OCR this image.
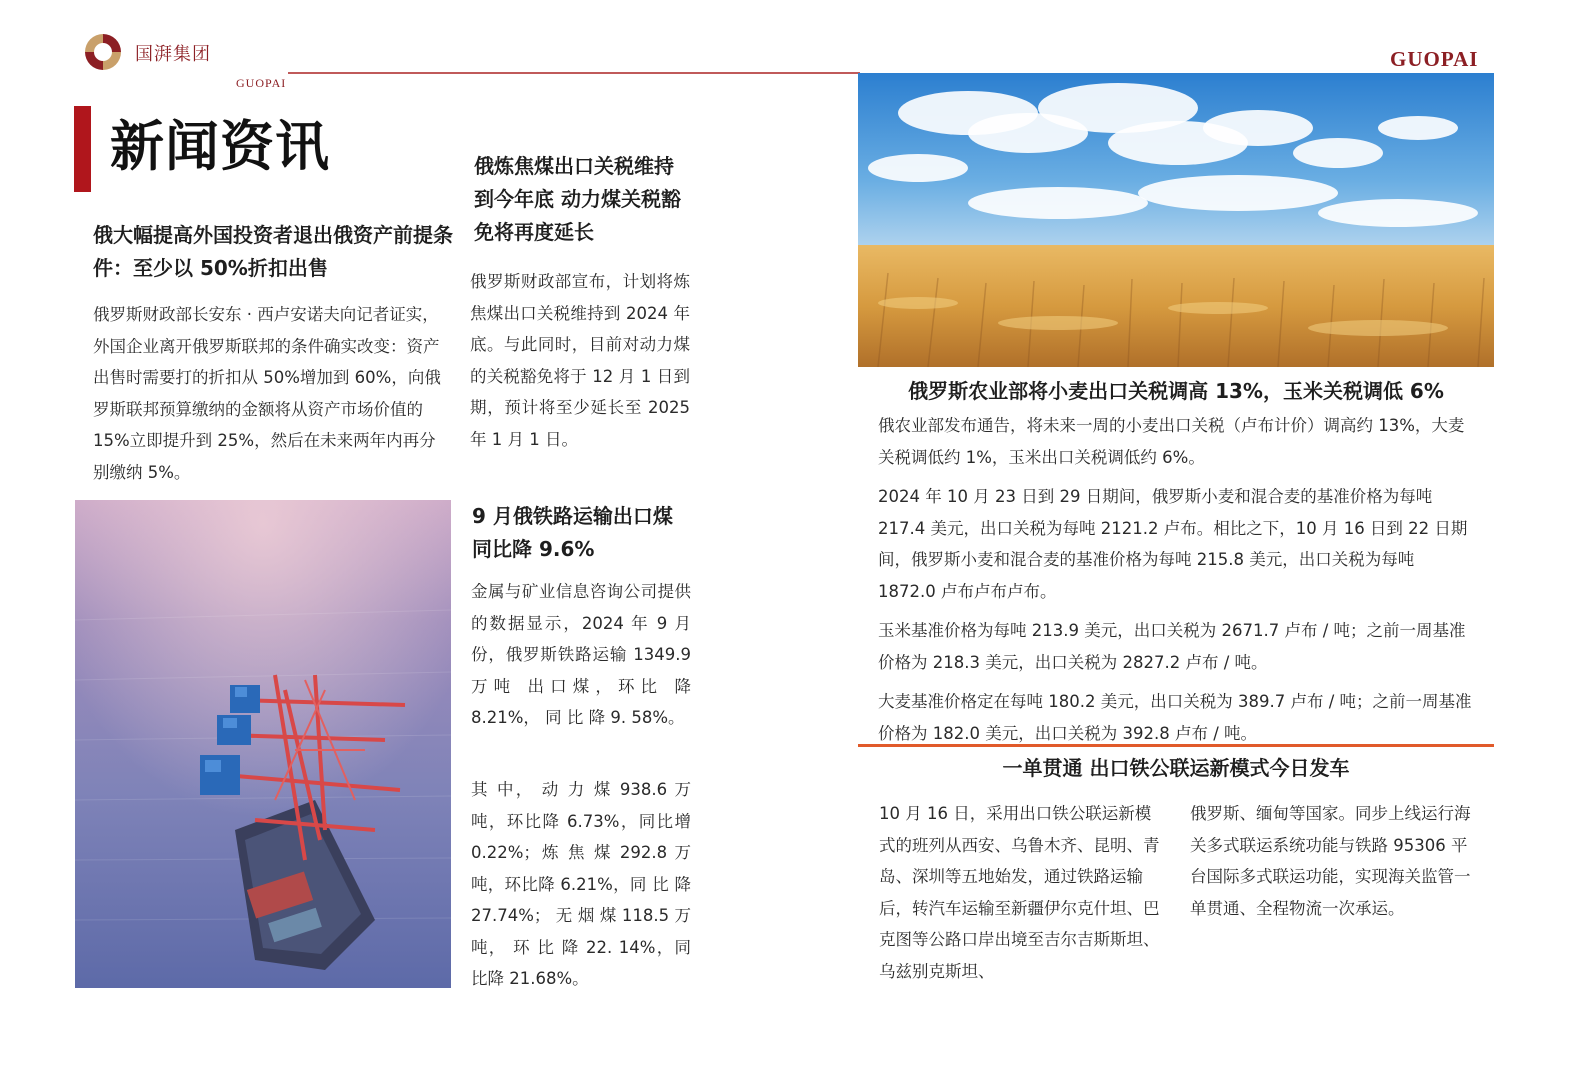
国湃集团
GUOPAI
GUOPAI
新闻资讯
俄大幅提高外国投资者退出俄资产前提条件：至少以 50%折扣出售
俄罗斯财政部长安东 · 西卢安诺夫向记者证实，外国企业离开俄罗斯联邦的条件确实改变：资产出售时需要打的折扣从 50%增加到 60%，向俄罗斯联邦预算缴纳的金额将从资产市场价值的 15%立即提升到 25%，然后在未来两年内再分别缴纳 5%。
俄炼焦煤出口关税维持到今年底 动力煤关税豁免将再度延长
俄罗斯财政部宣布，计划将炼焦煤出口关税维持到 2024 年底。与此同时，目前对动力煤的关税豁免将于 12 月 1 日到期，预计将至少延长至 2025 年 1 月 1 日。
9 月俄铁路运输出口煤同比降 9.6%
金属与矿业信息咨询公司提供的数据显示，2024 年 9 月份，俄罗斯铁路运输 1349.9 万吨 出口煤，环比 降 8.21%， 同 比 降 9. 58%。
其 中， 动 力 煤 938.6 万 吨，环比降 6.73%，同比增 0.22%；炼 焦 煤 292.8 万吨，环比降 6.21%，同 比 降 27.74%； 无 烟 煤 118.5 万 吨， 环 比 降 22. 14%，同比降 21.68%。
俄罗斯农业部将小麦出口关税调高 13%，玉米关税调低 6%

俄农业部发布通告，将未来一周的小麦出口关税（卢布计价）调高约 13%，大麦关税调低约 1%，玉米出口关税调低约 6%。

2024 年 10 月 23 日到 29 日期间，俄罗斯小麦和混合麦的基准价格为每吨 217.4 美元，出口关税为每吨 2121.2 卢布。相比之下，10 月 16 日到 22 日期间，俄罗斯小麦和混合麦的基准价格为每吨 215.8 美元，出口关税为每吨 1872.0 卢布卢布卢布。

玉米基准价格为每吨 213.9 美元，出口关税为 2671.7 卢布 / 吨；之前一周基准价格为 218.3 美元，出口关税为 2827.2 卢布 / 吨。

大麦基准价格定在每吨 180.2 美元，出口关税为 389.7 卢布 / 吨；之前一周基准价格为 182.0 美元，出口关税为 392.8 卢布 / 吨。

一单贯通 出口铁公联运新模式今日发车
10 月 16 日，采用出口铁公联运新模式的班列从西安、乌鲁木齐、昆明、青岛、深圳等五地始发，通过铁路运输后，转汽车运输至新疆伊尔克什坦、巴克图等公路口岸出境至吉尔吉斯斯坦、乌兹别克斯坦、
俄罗斯、缅甸等国家。同步上线运行海关多式联运系统功能与铁路 95306 平台国际多式联运功能，实现海关监管一单贯通、全程物流一次承运。
